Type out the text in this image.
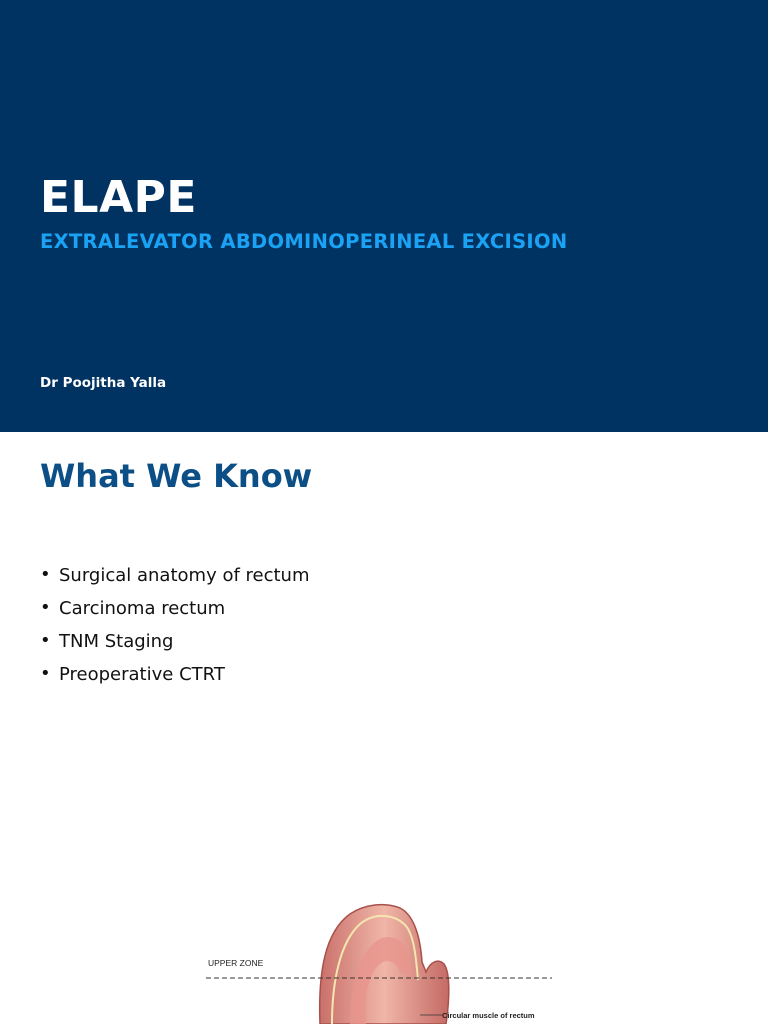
ELAPE
EXTRALEVATOR ABDOMINOPERINEAL EXCISION
Dr Poojitha Yalla
What We Know
• Surgical anatomy of rectum
• Carcinoma rectum
• TNM Staging
• Preoperative CTRT
UPPER ZONE
Circular muscle of rectum
